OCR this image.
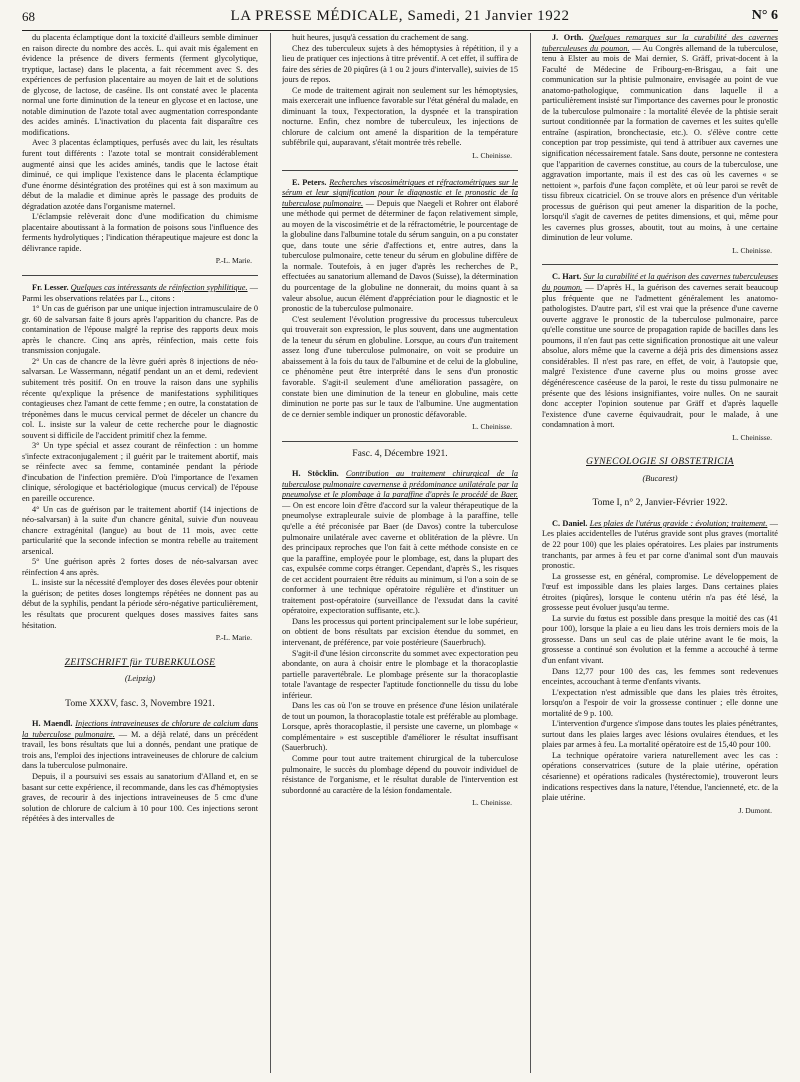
68	LA PRESSE MÉDICALE, Samedi, 21 Janvier 1922	N° 6

du placenta éclamptique dont la toxicité d'ailleurs semble diminuer en raison directe du nombre des accès. L. qui avait mis également en évidence la présence de divers ferments (ferment glycolytique, tryptique, lactase) dans le placenta, a fait récemment avec S. des expériences de perfusion placentaire au moyen de lait et de solutions de glycose, de lactose, de caséine. Ils ont constaté avec le placenta normal une forte diminution de la teneur en glycose et en lactose, une notable diminution de l'azote total avec augmentation correspondante des acides aminés. L'inactivation du placenta fait disparaître ces modifications.

Avec 3 placentas éclamptiques, perfusés avec du lait, les résultats furent tout différents : l'azote total se montrait considérablement augmenté ainsi que les acides aminés, tandis que le lactose était diminué, ce qui implique l'existence dans le placenta éclamptique d'une énorme désintégration des protéines qui est à son maximum au début de la maladie et diminue après le passage des produits de dégradation azotée dans l'organisme maternel.

L'éclampsie relèverait donc d'une modification du chimisme placentaire aboutissant à la formation de poisons sous l'influence des ferments hydrolytiques ; l'indication thérapeutique majeure est donc la délivrance rapide.

P.-L. Marie.

Fr. Lesser. Quelques cas intéressants de réinfection syphilitique. — Parmi les observations relatées par L., citons :

1° Un cas de guérison par une unique injection intramusculaire de 0 gr. 60 de salvarsan faite 8 jours après l'apparition du chancre. Pas de contamination de l'épouse malgré la reprise des rapports deux mois après le chancre. Cinq ans après, réinfection, mais cette fois transmission conjugale.

2° Un cas de chancre de la lèvre guéri après 8 injections de néo-salvarsan. Le Wassermann, négatif pendant un an et demi, redevient subitement très positif. On en trouve la raison dans une syphilis récente qu'explique la présence de manifestations syphilitiques contagieuses chez l'amant de cette femme ; en outre, la constatation de tréponèmes dans le mucus cervical permet de déceler un chancre du col. L. insiste sur la valeur de cette recherche pour le diagnostic souvent si difficile de l'accident primitif chez la femme.

3° Un type spécial et assez courant de réinfection : un homme s'infecte extraconjugalement ; il guérit par le traitement abortif, mais se réinfecte avec sa femme, contaminée pendant la période d'incubation de l'infection première. D'où l'importance de l'examen clinique, sérologique et bactériologique (mucus cervical) de l'épouse en pareille occurence.

4° Un cas de guérison par le traitement abortif (14 injections de néo-salvarsan) à la suite d'un chancre génital, suivie d'un nouveau chancre extragénital (langue) au bout de 11 mois, avec cette particularité que la seconde infection se montra rebelle au traitement arsenical.

5° Une guérison après 2 fortes doses de néo-salvarsan avec réinfection 4 ans après.

L. insiste sur la nécessité d'employer des doses élevées pour obtenir la guérison; de petites doses longtemps répétées ne donnent pas au début de la syphilis, pendant la période séro-négative particulièrement, les résultats que procurent quelques doses massives faites sans hésitation.

P.-L. Marie.

ZEITSCHRIFT für TUBERKULOSE
(Leipzig)
Tome XXXV, fasc. 3, Novembre 1921.

H. Maendl. Injections intraveineuses de chlorure de calcium dans la tuberculose pulmonaire. — M. a déjà relaté, dans un précédent travail, les bons résultats que lui a donnés, pendant une pratique de trois ans, l'emploi des injections intraveineuses de chlorure de calcium dans la tuberculose pulmonaire.

Depuis, il a poursuivi ses essais au sanatorium d'Alland et, en se basant sur cette expérience, il recommande, dans les cas d'hémoptysies graves, de recourir à des injections intraveineuses de 5 cmc d'une solution de chlorure de calcium à 10 pour 100. Ces injections seront répétées à des intervalles de

huit heures, jusqu'à cessation du crachement de sang.

Chez des tuberculeux sujets à des hémoptysies à répétition, il y a lieu de pratiquer ces injections à titre préventif. A cet effet, il suffira de faire des séries de 20 piqûres (à 1 ou 2 jours d'intervalle), suivies de 15 jours de repos.

Ce mode de traitement agirait non seulement sur les hémoptysies, mais exercerait une influence favorable sur l'état général du malade, en diminuant la toux, l'expectoration, la dyspnée et la transpiration nocturne. Enfin, chez nombre de tuberculeux, les injections de chlorure de calcium ont amené la disparition de la température subfébrile qui, auparavant, s'était montrée très rebelle.

L. Cheinisse.

E. Peters. Recherches viscosimétriques et réfractométriques sur le sérum et leur signification pour le diagnostic et le pronostic de la tuberculose pulmonaire. — Depuis que Naegeli et Rohrer ont élaboré une méthode qui permet de déterminer de façon relativement simple, au moyen de la viscosimétrie et de la réfractométrie, le pourcentage de la globuline dans l'albumine totale du sérum sanguin, on a pu constater que, dans toute une série d'affections et, entre autres, dans la tuberculose pulmonaire, cette teneur du sérum en globuline diffère de la normale. Toutefois, à en juger d'après les recherches de P., effectuées au sanatorium allemand de Davos (Suisse), la détermination du pourcentage de la globuline ne donnerait, du moins quant à sa valeur absolue, aucun élément d'appréciation pour le diagnostic et le pronostic de la tuberculose pulmonaire.

C'est seulement l'évolution progressive du processus tuberculeux qui trouverait son expression, le plus souvent, dans une augmentation de la teneur du sérum en globuline. Lorsque, au cours d'un traitement assez long d'une tuberculose pulmonaire, on voit se produire un abaissement à la fois du taux de l'albumine et de celui de la globuline, ce phénomène peut être interprété dans le sens d'un pronostic favorable. S'agit-il seulement d'une amélioration passagère, on constate bien une diminution de la teneur en globuline, mais cette diminution ne porte pas sur le taux de l'albumine. Une augmentation de ce dernier semble indiquer un pronostic défavorable.

L. Cheinisse.

Fasc. 4, Décembre 1921.

H. Stöcklin. Contribution au traitement chirurgical de la tuberculose pulmonaire cavernense à prédominance unilatérale par la pneumolyse et le plombage à la paraffine d'après le procédé de Baer. — On est encore loin d'être d'accord sur la valeur thérapeutique de la pneumolyse extrapleurale suivie de plombage à la paraffine, telle qu'elle a été préconisée par Baer (de Davos) contre la tuberculose pulmonaire unilatérale avec caverne et oblitération de la plèvre. Un des principaux reproches que l'on fait à cette méthode consiste en ce que la paraffine, employée pour le plombage, est, dans la plupart des cas, expulsée comme corps étranger. Cependant, d'après S., les risques de cet accident pourraient être réduits au minimum, si l'on a soin de se conformer à une technique opératoire régulière et d'instituer un traitement post-opératoire (surveillance de l'exsudat dans la cavité opératoire, expectoration suffisante, etc.).

Dans les processus qui portent principalement sur le lobe supérieur, on obtient de bons résultats par excision étendue du sommet, en intervenant, de préférence, par voie postérieure (Sauerbruch).

S'agit-il d'une lésion circonscrite du sommet avec expectoration peu abondante, on aura à choisir entre le plombage et la thoracoplastie partielle paravertébrale. Le plombage présente sur la thoracoplastie totale l'avantage de respecter l'aptitude fonctionnelle du tissu du lobe inférieur.

Dans les cas où l'on se trouve en présence d'une lésion unilatérale de tout un poumon, la thoracoplastie totale est préférable au plombage. Lorsque, après thoracoplastie, il persiste une caverne, un plombage « complémentaire » est susceptible d'améliorer le résultat insuffisant (Sauerbruch).

Comme pour tout autre traitement chirurgical de la tuberculose pulmonaire, le succès du plombage dépend du pouvoir individuel de résistance de l'organisme, et le résultat durable de l'intervention est subordonné au caractère de la lésion fondamentale.

L. Cheinisse.

J. Orth. Quelques remarques sur la curabilité des cavernes tuberculeuses du poumon. — Au Congrès allemand de la tuberculose, tenu à Elster au mois de Mai dernier, S. Gräff, privat-docent à la Faculté de Médecine de Fribourg-en-Brisgau, a fait une communication sur la phtisie pulmonaire, envisagée au point de vue anatomo-pathologique, communication dans laquelle il a particulièrement insisté sur l'importance des cavernes pour le pronostic de la tuberculose pulmonaire : la mortalité élevée de la phtisie serait surtout conditionnée par la formation de cavernes et les suites qu'elle entraîne (aspiration, bronchectasie, etc.). O. s'élève contre cette conception par trop pessimiste, qui tend à attribuer aux cavernes une signification nécessairement fatale. Sans doute, personne ne contestera que l'apparition de cavernes constitue, au cours de la tuberculose, une aggravation importante, mais il est des cas où les cavernes « se nettoient », parfois d'une façon complète, et où leur paroi se revêt de tissu fibreux cicatriciel. On se trouve alors en présence d'un véritable processus de guérison qui peut amener la disparition de la poche, lorsqu'il s'agit de cavernes de petites dimensions, et qui, même pour les cavernes plus grosses, aboutit, tout au moins, à une certaine diminution de leur volume.

L. Cheinisse.

C. Hart. Sur la curabilité et la guérison des cavernes tuberculeuses du poumon. — D'après H., la guérison des cavernes serait beaucoup plus fréquente que ne l'admettent généralement les anatomo-pathologistes. D'autre part, s'il est vrai que la présence d'une caverne ouverte aggrave le pronostic de la tuberculose pulmonaire, parce qu'elle constitue une source de propagation rapide de bacilles dans les poumons, il n'en faut pas cette signification pronostique ait une valeur absolue, alors même que la caverne a déjà pris des dimensions assez considérables. Il n'est pas rare, en effet, de voir, à l'autopsie que, malgré l'existence d'une caverne plus ou moins grosse avec dégénérescence caséeuse de la paroi, le reste du tissu pulmonaire ne présente que des lésions insignifiantes, voire nulles. On ne saurait donc accepter l'opinion soutenue par Gräff et d'après laquelle l'existence d'une caverne équivaudrait, pour le malade, à une condamnation à mort.

L. Cheinisse.

GYNECOLOGIE SI OBSTETRICIA
(Bucarest)
Tome I, n° 2, Janvier-Février 1922.

C. Daniel. Les plaies de l'utérus gravide : évolution; traitement. — Les plaies accidentelles de l'utérus gravide sont plus graves (mortalité de 22 pour 100) que les plaies opératoires. Les plaies par instruments tranchants, par armes à feu et par corne d'animal sont d'un mauvais pronostic.

La grossesse est, en général, compromise. Le développement de l'œuf est impossible dans les plaies larges. Dans certaines plaies étroites (piqûres), lorsque le contenu utérin n'a pas été lésé, la grossesse peut évoluer jusqu'au terme.

La survie du fœtus est possible dans presque la moitié des cas (41 pour 100), lorsque la plaie a eu lieu dans les trois derniers mois de la grossesse. Dans un seul cas de plaie utérine avant le 6e mois, la grossesse a continué son évolution et la femme a accouché à terme d'un enfant vivant.

Dans 12,77 pour 100 des cas, les femmes sont redevenues enceintes, accouchant à terme d'enfants vivants.

L'expectation n'est admissible que dans les plaies très étroites, lorsqu'on a l'espoir de voir la grossesse continuer ; elle donne une mortalité de 9 p. 100.

L'intervention d'urgence s'impose dans toutes les plaies pénétrantes, surtout dans les plaies larges avec lésions ovulaires étendues, et les plaies par armes à feu. La mortalité opératoire est de 15,40 pour 100.

La technique opératoire variera naturellement avec les cas : opérations conservatrices (suture de la plaie utérine, opération césarienne) et opérations radicales (hystérectomie), trouveront leurs indications respectives dans la nature, l'étendue, l'ancienneté, etc. de la plaie utérine.

J. Dumont.
